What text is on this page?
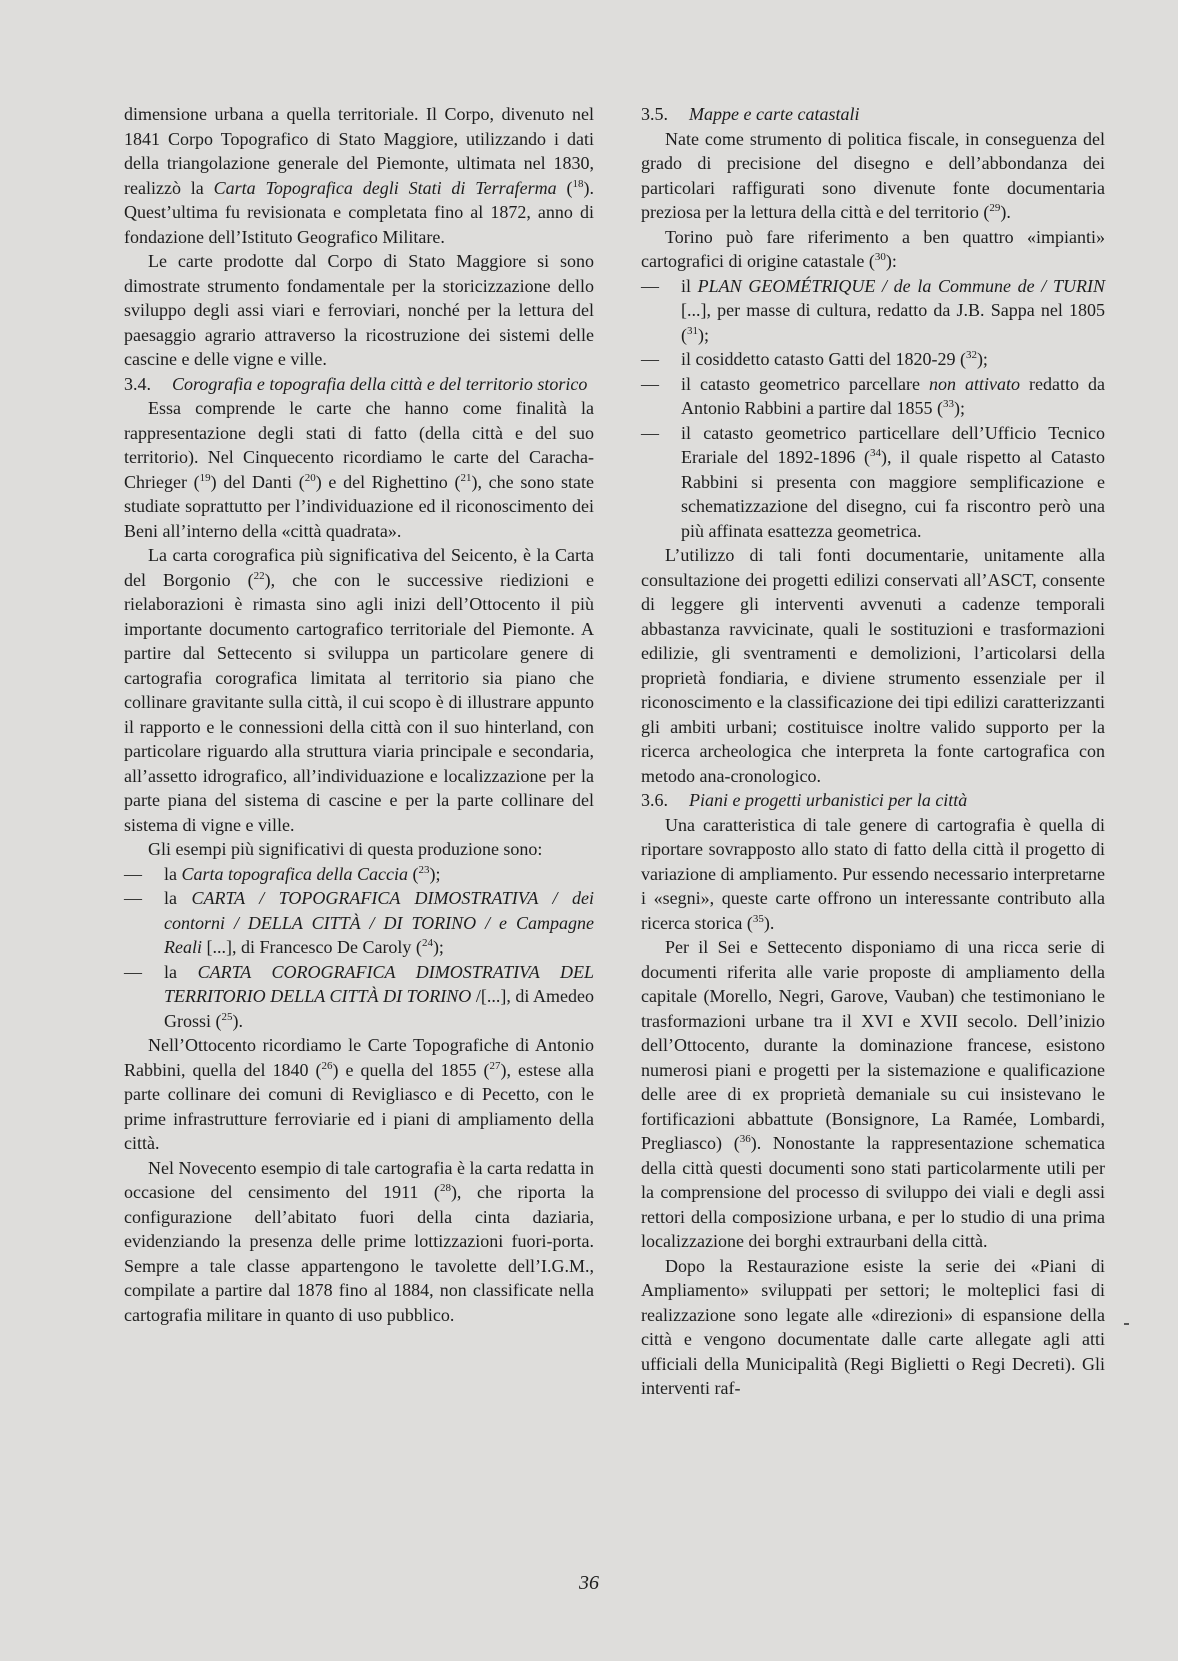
dimensione urbana a quella territoriale. Il Corpo, divenuto nel 1841 Corpo Topografico di Stato Maggiore, utilizzando i dati della triangolazione generale del Piemonte, ultimata nel 1830, realizzò la Carta Topografica degli Stati di Terraferma ($^{18}$). Quest’ultima fu revisionata e completata fino al 1872, anno di fondazione dell’Istituto Geografico Militare.

Le carte prodotte dal Corpo di Stato Maggiore si sono dimostrate strumento fondamentale per la storicizzazione dello sviluppo degli assi viari e ferroviari, nonché per la lettura del paesaggio agrario attraverso la ricostruzione dei sistemi delle cascine e delle vigne e ville.

3.4. Corografia e topografia della città e del territorio storico

Essa comprende le carte che hanno come finalità la rappresentazione degli stati di fatto (della città e del suo territorio). Nel Cinquecento ricordiamo le carte del Caracha-Chrieger ($^{19}$) del Danti ($^{20}$) e del Righettino ($^{21}$), che sono state studiate soprattutto per l’individuazione ed il riconoscimento dei Beni all’interno della «città quadrata».

La carta corografica più significativa del Seicento, è la Carta del Borgonio ($^{22}$), che con le successive riedizioni e rielaborazioni è rimasta sino agli inizi dell’Ottocento il più importante documento cartografico territoriale del Piemonte. A partire dal Settecento si sviluppa un particolare genere di cartografia corografica limitata al territorio sia piano che collinare gravitante sulla città, il cui scopo è di illustrare appunto il rapporto e le connessioni della città con il suo hinterland, con particolare riguardo alla struttura viaria principale e secondaria, all’assetto idrografico, all’individuazione e localizzazione per la parte piana del sistema di cascine e per la parte collinare del sistema di vigne e ville.

Gli esempi più significativi di questa produzione sono:

— la Carta topografica della Caccia ($^{23}$);

— la CARTA / TOPOGRAFICA DIMOSTRATIVA / dei contorni / DELLA CITTÀ / DI TORINO / e Campagne Reali [...], di Francesco De Caroly ($^{24}$);

— la CARTA COROGRAFICA DIMOSTRATIVA DEL TERRITORIO DELLA CITTÀ DI TORINO /[...], di Amedeo Grossi ($^{25}$).

Nell’Ottocento ricordiamo le Carte Topografiche di Antonio Rabbini, quella del 1840 ($^{26}$) e quella del 1855 ($^{27}$), estese alla parte collinare dei comuni di Revigliasco e di Pecetto, con le prime infrastrutture ferroviarie ed i piani di ampliamento della città.

Nel Novecento esempio di tale cartografia è la carta redatta in occasione del censimento del 1911 ($^{28}$), che riporta la configurazione dell’abitato fuori della cinta daziaria, evidenziando la presenza delle prime lottizzazioni fuori-porta. Sempre a tale classe appartengono le tavolette dell’I.G.M., compilate a partire dal 1878 fino al 1884, non classificate nella cartografia militare in quanto di uso pubblico.

3.5. Mappe e carte catastali

Nate come strumento di politica fiscale, in conseguenza del grado di precisione del disegno e dell’abbondanza dei particolari raffigurati sono divenute fonte documentaria preziosa per la lettura della città e del territorio ($^{29}$).

Torino può fare riferimento a ben quattro «impianti» cartografici di origine catastale ($^{30}$):

— il PLAN GEOMÉTRIQUE / de la Commune de / TURIN [...], per masse di cultura, redatto da J.B. Sappa nel 1805 ($^{31}$);

— il cosiddetto catasto Gatti del 1820-29 ($^{32}$);

— il catasto geometrico parcellare non attivato redatto da Antonio Rabbini a partire dal 1855 ($^{33}$);

— il catasto geometrico particellare dell’Ufficio Tecnico Erariale del 1892-1896 ($^{34}$), il quale rispetto al Catasto Rabbini si presenta con maggiore semplificazione e schematizzazione del disegno, cui fa riscontro però una più affinata esattezza geometrica.

L’utilizzo di tali fonti documentarie, unitamente alla consultazione dei progetti edilizi conservati all’ASCT, consente di leggere gli interventi avvenuti a cadenze temporali abbastanza ravvicinate, quali le sostituzioni e trasformazioni edilizie, gli sventramenti e demolizioni, l’articolarsi della proprietà fondiaria, e diviene strumento essenziale per il riconoscimento e la classificazione dei tipi edilizi caratterizzanti gli ambiti urbani; costituisce inoltre valido supporto per la ricerca archeologica che interpreta la fonte cartografica con metodo ana-cronologico.

3.6. Piani e progetti urbanistici per la città

Una caratteristica di tale genere di cartografia è quella di riportare sovrapposto allo stato di fatto della città il progetto di variazione di ampliamento. Pur essendo necessario interpretarne i «segni», queste carte offrono un interessante contributo alla ricerca storica ($^{35}$).

Per il Sei e Settecento disponiamo di una ricca serie di documenti riferita alle varie proposte di ampliamento della capitale (Morello, Negri, Garove, Vauban) che testimoniano le trasformazioni urbane tra il XVI e XVII secolo. Dell’inizio dell’Ottocento, durante la dominazione francese, esistono numerosi piani e progetti per la sistemazione e qualificazione delle aree di ex proprietà demaniale su cui insistevano le fortificazioni abbattute (Bonsignore, La Ramée, Lombardi, Pregliasco) ($^{36}$). Nonostante la rappresentazione schematica della città questi documenti sono stati particolarmente utili per la comprensione del processo di sviluppo dei viali e degli assi rettori della composizione urbana, e per lo studio di una prima localizzazione dei borghi extraurbani della città.

Dopo la Restaurazione esiste la serie dei «Piani di Ampliamento» sviluppati per settori; le molteplici fasi di realizzazione sono legate alle «direzioni» di espansione della città e vengono documentate dalle carte allegate agli atti ufficiali della Municipalità (Regi Biglietti o Regi Decreti). Gli interventi raf-

36
